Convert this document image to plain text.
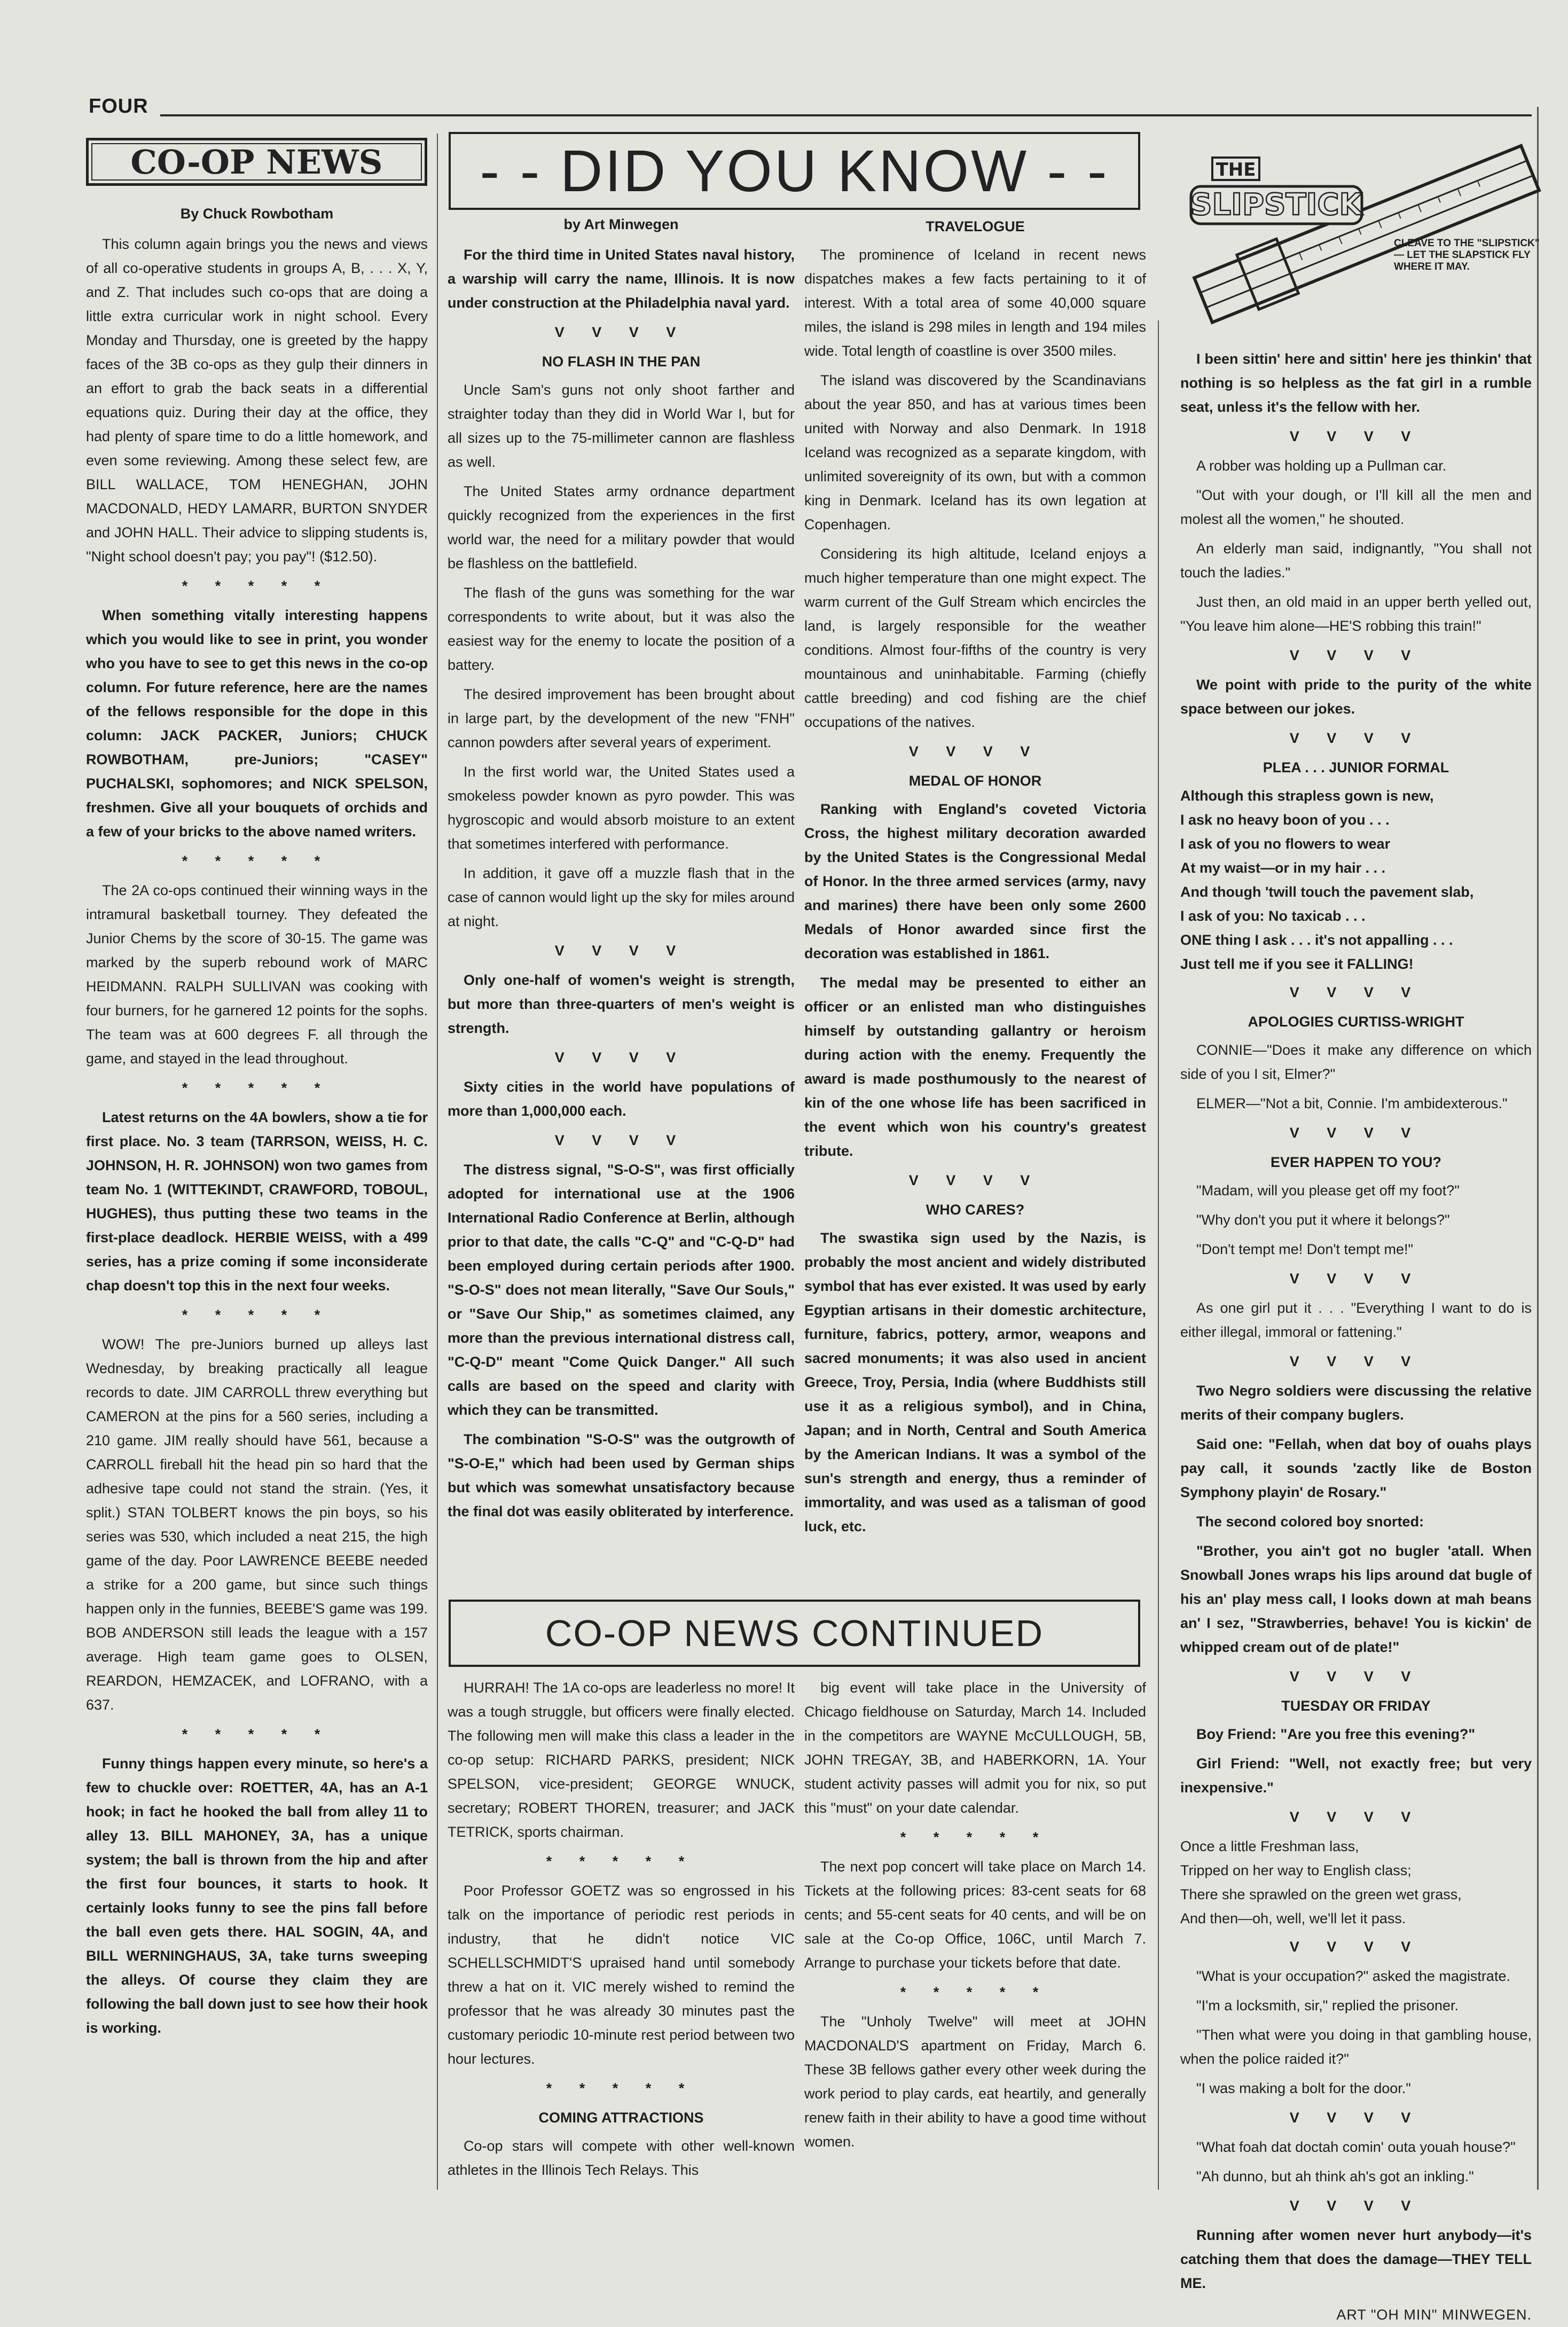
FOUR
CO-OP NEWS	- - DID YOU KNOW - -
CO-OP NEWS CONTINUED
THE
SLIPSTICK
CLEAVE TO THE "SLIPSTICK" — LET THE SLAPSTICK FLY WHERE IT MAY.
By Chuck Rowbotham

This column again brings you the news and views of all co-operative students in groups A, B, . . . X, Y, and Z. That includes such co-ops that are doing a little extra curricular work in night school. Every Monday and Thursday, one is greeted by the happy faces of the 3B co-ops as they gulp their dinners in an effort to grab the back seats in a differential equations quiz. During their day at the office, they had plenty of spare time to do a little homework, and even some reviewing. Among these select few, are BILL WALLACE, TOM HENEGHAN, JOHN MACDONALD, HEDY LAMARR, BURTON SNYDER and JOHN HALL. Their advice to slipping students is, "Night school doesn't pay; you pay"! ($12.50).

* * * * *

When something vitally interesting happens which you would like to see in print, you wonder who you have to see to get this news in the co-op column. For future reference, here are the names of the fellows responsible for the dope in this column: JACK PACKER, Juniors; CHUCK ROWBOTHAM, pre-Juniors; "CASEY" PUCHALSKI, sophomores; and NICK SPELSON, freshmen. Give all your bouquets of orchids and a few of your bricks to the above named writers.

* * * * *

The 2A co-ops continued their winning ways in the intramural basketball tourney. They defeated the Junior Chems by the score of 30-15. The game was marked by the superb rebound work of MARC HEIDMANN. RALPH SULLIVAN was cooking with four burners, for he garnered 12 points for the sophs. The team was at 600 degrees F. all through the game, and stayed in the lead throughout.

* * * * *

Latest returns on the 4A bowlers, show a tie for first place. No. 3 team (TARRSON, WEISS, H. C. JOHNSON, H. R. JOHNSON) won two games from team No. 1 (WITTEKINDT, CRAWFORD, TOBOUL, HUGHES), thus putting these two teams in the first-place deadlock. HERBIE WEISS, with a 499 series, has a prize coming if some inconsiderate chap doesn't top this in the next four weeks.

* * * * *

WOW! The pre-Juniors burned up alleys last Wednesday, by breaking practically all league records to date. JIM CARROLL threw everything but CAMERON at the pins for a 560 series, including a 210 game. JIM really should have 561, because a CARROLL fireball hit the head pin so hard that the adhesive tape could not stand the strain. (Yes, it split.) STAN TOLBERT knows the pin boys, so his series was 530, which included a neat 215, the high game of the day. Poor LAWRENCE BEEBE needed a strike for a 200 game, but since such things happen only in the funnies, BEEBE'S game was 199. BOB ANDERSON still leads the league with a 157 average. High team game goes to OLSEN, REARDON, HEMZACEK, and LOFRANO, with a 637.

* * * * *

Funny things happen every minute, so here's a few to chuckle over: ROETTER, 4A, has an A-1 hook; in fact he hooked the ball from alley 11 to alley 13. BILL MAHONEY, 3A, has a unique system; the ball is thrown from the hip and after the first four bounces, it starts to hook. It certainly looks funny to see the pins fall before the ball even gets there. HAL SOGIN, 4A, and BILL WERNINGHAUS, 3A, take turns sweeping the alleys. Of course they claim they are following the ball down just to see how their hook is working.

by Art Minwegen

For the third time in United States naval history, a warship will carry the name, Illinois. It is now under construction at the Philadelphia naval yard.

V V V V
NO FLASH IN THE PAN

Uncle Sam's guns not only shoot farther and straighter today than they did in World War I, but for all sizes up to the 75-millimeter cannon are flashless as well.

The United States army ordnance department quickly recognized from the experiences in the first world war, the need for a military powder that would be flashless on the battlefield.

The flash of the guns was something for the war correspondents to write about, but it was also the easiest way for the enemy to locate the position of a battery.

The desired improvement has been brought about in large part, by the development of the new "FNH" cannon powders after several years of experiment.

In the first world war, the United States used a smokeless powder known as pyro powder. This was hygroscopic and would absorb moisture to an extent that sometimes interfered with performance.

In addition, it gave off a muzzle flash that in the case of cannon would light up the sky for miles around at night.

V V V V

Only one-half of women's weight is strength, but more than three-quarters of men's weight is strength.

V V V V

Sixty cities in the world have populations of more than 1,000,000 each.

V V V V

The distress signal, "S-O-S", was first officially adopted for international use at the 1906 International Radio Conference at Berlin, although prior to that date, the calls "C-Q" and "C-Q-D" had been employed during certain periods after 1900. "S-O-S" does not mean literally, "Save Our Souls," or "Save Our Ship," as sometimes claimed, any more than the previous international distress call, "C-Q-D" meant "Come Quick Danger." All such calls are based on the speed and clarity with which they can be transmitted.

The combination "S-O-S" was the outgrowth of "S-O-E," which had been used by German ships but which was somewhat unsatisfactory because the final dot was easily obliterated by interference.

TRAVELOGUE

The prominence of Iceland in recent news dispatches makes a few facts pertaining to it of interest. With a total area of some 40,000 square miles, the island is 298 miles in length and 194 miles wide. Total length of coastline is over 3500 miles.

The island was discovered by the Scandinavians about the year 850, and has at various times been united with Norway and also Denmark. In 1918 Iceland was recognized as a separate kingdom, with unlimited sovereignity of its own, but with a common king in Denmark. Iceland has its own legation at Copenhagen.

Considering its high altitude, Iceland enjoys a much higher temperature than one might expect. The warm current of the Gulf Stream which encircles the land, is largely responsible for the weather conditions. Almost four-fifths of the country is very mountainous and uninhabitable. Farming (chiefly cattle breeding) and cod fishing are the chief occupations of the natives.

V V V V
MEDAL OF HONOR

Ranking with England's coveted Victoria Cross, the highest military decoration awarded by the United States is the Congressional Medal of Honor. In the three armed services (army, navy and marines) there have been only some 2600 Medals of Honor awarded since first the decoration was established in 1861.

The medal may be presented to either an officer or an enlisted man who distinguishes himself by outstanding gallantry or heroism during action with the enemy. Frequently the award is made posthumously to the nearest of kin of the one whose life has been sacrificed in the event which won his country's greatest tribute.

V V V V
WHO CARES?

The swastika sign used by the Nazis, is probably the most ancient and widely distributed symbol that has ever existed. It was used by early Egyptian artisans in their domestic architecture, furniture, fabrics, pottery, armor, weapons and sacred monuments; it was also used in ancient Greece, Troy, Persia, India (where Buddhists still use it as a religious symbol), and in China, Japan; and in North, Central and South America by the American Indians. It was a symbol of the sun's strength and energy, thus a reminder of immortality, and was used as a talisman of good luck, etc.

I been sittin' here and sittin' here jes thinkin' that nothing is so helpless as the fat girl in a rumble seat, unless it's the fellow with her.

V V V V

A robber was holding up a Pullman car.

"Out with your dough, or I'll kill all the men and molest all the women," he shouted.

An elderly man said, indignantly, "You shall not touch the ladies."

Just then, an old maid in an upper berth yelled out, "You leave him alone—HE'S robbing this train!"

V V V V

We point with pride to the purity of the white space between our jokes.

V V V V
PLEA . . . JUNIOR FORMAL
Although this strapless gown is new,
I ask no heavy boon of you . . .
I ask of you no flowers to wear
At my waist—or in my hair . . .
And though 'twill touch the pavement slab,
I ask of you: No taxicab . . .
ONE thing I ask . . . it's not appalling . . .
Just tell me if you see it FALLING!
V V V V
APOLOGIES CURTISS-WRIGHT

CONNIE—"Does it make any difference on which side of you I sit, Elmer?"

ELMER—"Not a bit, Connie. I'm ambidexterous."

V V V V
EVER HAPPEN TO YOU?

"Madam, will you please get off my foot?"

"Why don't you put it where it belongs?"

"Don't tempt me! Don't tempt me!"

V V V V

As one girl put it . . . "Everything I want to do is either illegal, immoral or fattening."

V V V V

Two Negro soldiers were discussing the relative merits of their company buglers.

Said one: "Fellah, when dat boy of ouahs plays pay call, it sounds 'zactly like de Boston Symphony playin' de Rosary."

The second colored boy snorted:

"Brother, you ain't got no bugler 'atall. When Snowball Jones wraps his lips around dat bugle of his an' play mess call, I looks down at mah beans an' I sez, "Strawberries, behave! You is kickin' de whipped cream out of de plate!"

V V V V
TUESDAY OR FRIDAY

Boy Friend: "Are you free this evening?"

Girl Friend: "Well, not exactly free; but very inexpensive."

V V V V
Once a little Freshman lass,
Tripped on her way to English class;
There she sprawled on the green wet grass,
And then—oh, well, we'll let it pass.
V V V V

"What is your occupation?" asked the magistrate.

"I'm a locksmith, sir," replied the prisoner.

"Then what were you doing in that gambling house, when the police raided it?"

"I was making a bolt for the door."

V V V V

"What foah dat doctah comin' outa youah house?"

"Ah dunno, but ah think ah's got an inkling."

V V V V

Running after women never hurt anybody—it's catching them that does the damage—THEY TELL ME.

ART "OH MIN" MINWEGEN.

HURRAH! The 1A co-ops are leaderless no more! It was a tough struggle, but officers were finally elected. The following men will make this class a leader in the co-op setup: RICHARD PARKS, president; NICK SPELSON, vice-president; GEORGE WNUCK, secretary; ROBERT THOREN, treasurer; and JACK TETRICK, sports chairman.

* * * * *

Poor Professor GOETZ was so engrossed in his talk on the importance of periodic rest periods in industry, that he didn't notice VIC SCHELLSCHMIDT'S upraised hand until somebody threw a hat on it. VIC merely wished to remind the professor that he was already 30 minutes past the customary periodic 10-minute rest period between two hour lectures.

* * * * *
COMING ATTRACTIONS

Co-op stars will compete with other well-known athletes in the Illinois Tech Relays. This

big event will take place in the University of Chicago fieldhouse on Saturday, March 14. Included in the competitors are WAYNE McCULLOUGH, 5B, JOHN TREGAY, 3B, and HABERKORN, 1A. Your student activity passes will admit you for nix, so put this "must" on your date calendar.

* * * * *

The next pop concert will take place on March 14. Tickets at the following prices: 83-cent seats for 68 cents; and 55-cent seats for 40 cents, and will be on sale at the Co-op Office, 106C, until March 7. Arrange to purchase your tickets before that date.

* * * * *

The "Unholy Twelve" will meet at JOHN MACDONALD'S apartment on Friday, March 6. These 3B fellows gather every other week during the work period to play cards, eat heartily, and generally renew faith in their ability to have a good time without women.
